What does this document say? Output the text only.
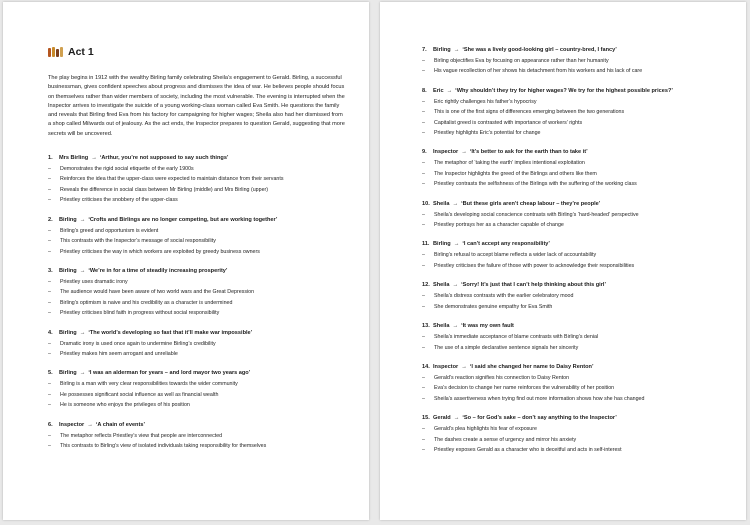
Act 1

The play begins in 1912 with the wealthy Birling family celebrating Sheila’s engagement to Gerald. Birling, a successful businessman, gives confident speeches about progress and dismisses the idea of war. He believes people should focus on themselves rather than wider members of society, including the most vulnerable. The evening is interrupted when the Inspector arrives to investigate the suicide of a young working-class woman called Eva Smith. He questions the family and reveals that Birling fired Eva from his factory for campaigning for higher wages; Sheila also had her dismissed from a shop called Milwards out of jealousy. As the act ends, the Inspector prepares to question Gerald, suggesting that more secrets will be uncovered.

1.	Mrs Birling → ‘Arthur, you’re not supposed to say such things’
–	Demonstrates the rigid social etiquette of the early 1900s
–	Reinforces the idea that the upper-class were expected to maintain distance from their servants
–	Reveals the difference in social class between Mr Birling (middle) and Mrs Birling (upper)
–	Priestley criticises the snobbery of the upper-class
2.	Birling → ‘Crofts and Birlings are no longer competing, but are working together’
–	Birling’s greed and opportunism is evident
–	This contrasts with the Inspector’s message of social responsibility
–	Priestley criticises the way in which workers are exploited by greedy business owners
3.	Birling → ‘We’re in for a time of steadily increasing prosperity’
–	Priestley uses dramatic irony
–	The audience would have been aware of two world wars and the Great Depression
–	Birling’s optimism is naive and his credibility as a character is undermined
–	Priestley criticises blind faith in progress without social responsibility
4.	Birling → ‘The world’s developing so fast that it’ll make war impossible’
–	Dramatic irony is used once again to undermine Birling’s credibility
–	Priestley makes him seem arrogant and unreliable
5.	Birling → ‘I was an alderman for years – and lord mayor two years ago’
–	Birling is a man with very clear responsibilities towards the wider community
–	He possesses significant social influence as well as financial wealth
–	He is someone who enjoys the privileges of his position
6.	Inspector → ‘A chain of events’
–	The metaphor reflects Priestley’s view that people are interconnected
–	This contrasts to Birling’s view of isolated individuals taking responsibility for themselves
7.	Birling → ‘She was a lively good-looking girl – country-bred, I fancy’
–	Birling objectifies Eva by focusing on appearance rather than her humanity
–	His vague recollection of her shows his detachment from his workers and his lack of care
8.	Eric → ‘Why shouldn’t they try for higher wages? We try for the highest possible prices?’
–	Eric rightly challenges his father’s hypocrisy
–	This is one of the first signs of differences emerging between the two generations
–	Capitalist greed is contrasted with importance of workers’ rights
–	Priestley highlights Eric’s potential for change
9.	Inspector → ‘It’s better to ask for the earth than to take it’
–	The metaphor of ‘taking the earth’ implies intentional exploitation
–	The Inspector highlights the greed of the Birlings and others like them
–	Priestley contrasts the selfishness of the Birlings with the suffering of the working class
10. Sheila → ‘But these girls aren’t cheap labour – they’re people’
–	Sheila’s developing social conscience contrasts with Birling’s ‘hard-headed’ perspective
–	Priestley portrays her as a character capable of change
11. Birling → ‘I can’t accept any responsibility’
–	Birling’s refusal to accept blame reflects a wider lack of accountability
–	Priestley criticises the failure of those with power to acknowledge their responsibilities
12. Sheila → ‘Sorry! It’s just that I can’t help thinking about this girl’
–	Sheila’s distress contrasts with the earlier celebratory mood
–	She demonstrates genuine empathy for Eva Smith
13. Sheila → ‘It was my own fault
–	Sheila’s immediate acceptance of blame contrasts with Birling’s denial
–	The use of a simple declarative sentence signals her sincerity
14. Inspector → ‘I said she changed her name to Daisy Renton’
–	Gerald’s reaction signifies his connection to Daisy Renton
–	Eva’s decision to change her name reinforces the vulnerability of her position
–	Sheila’s assertiveness when trying find out more information shows how she has changed
15. Gerald → ‘So – for God’s sake – don’t say anything to the Inspector’
–	Gerald’s plea highlights his fear of exposure
–	The dashes create a sense of urgency and mirror his anxiety
–	Priestley exposes Gerald as a character who is deceitful and acts in self-interest
